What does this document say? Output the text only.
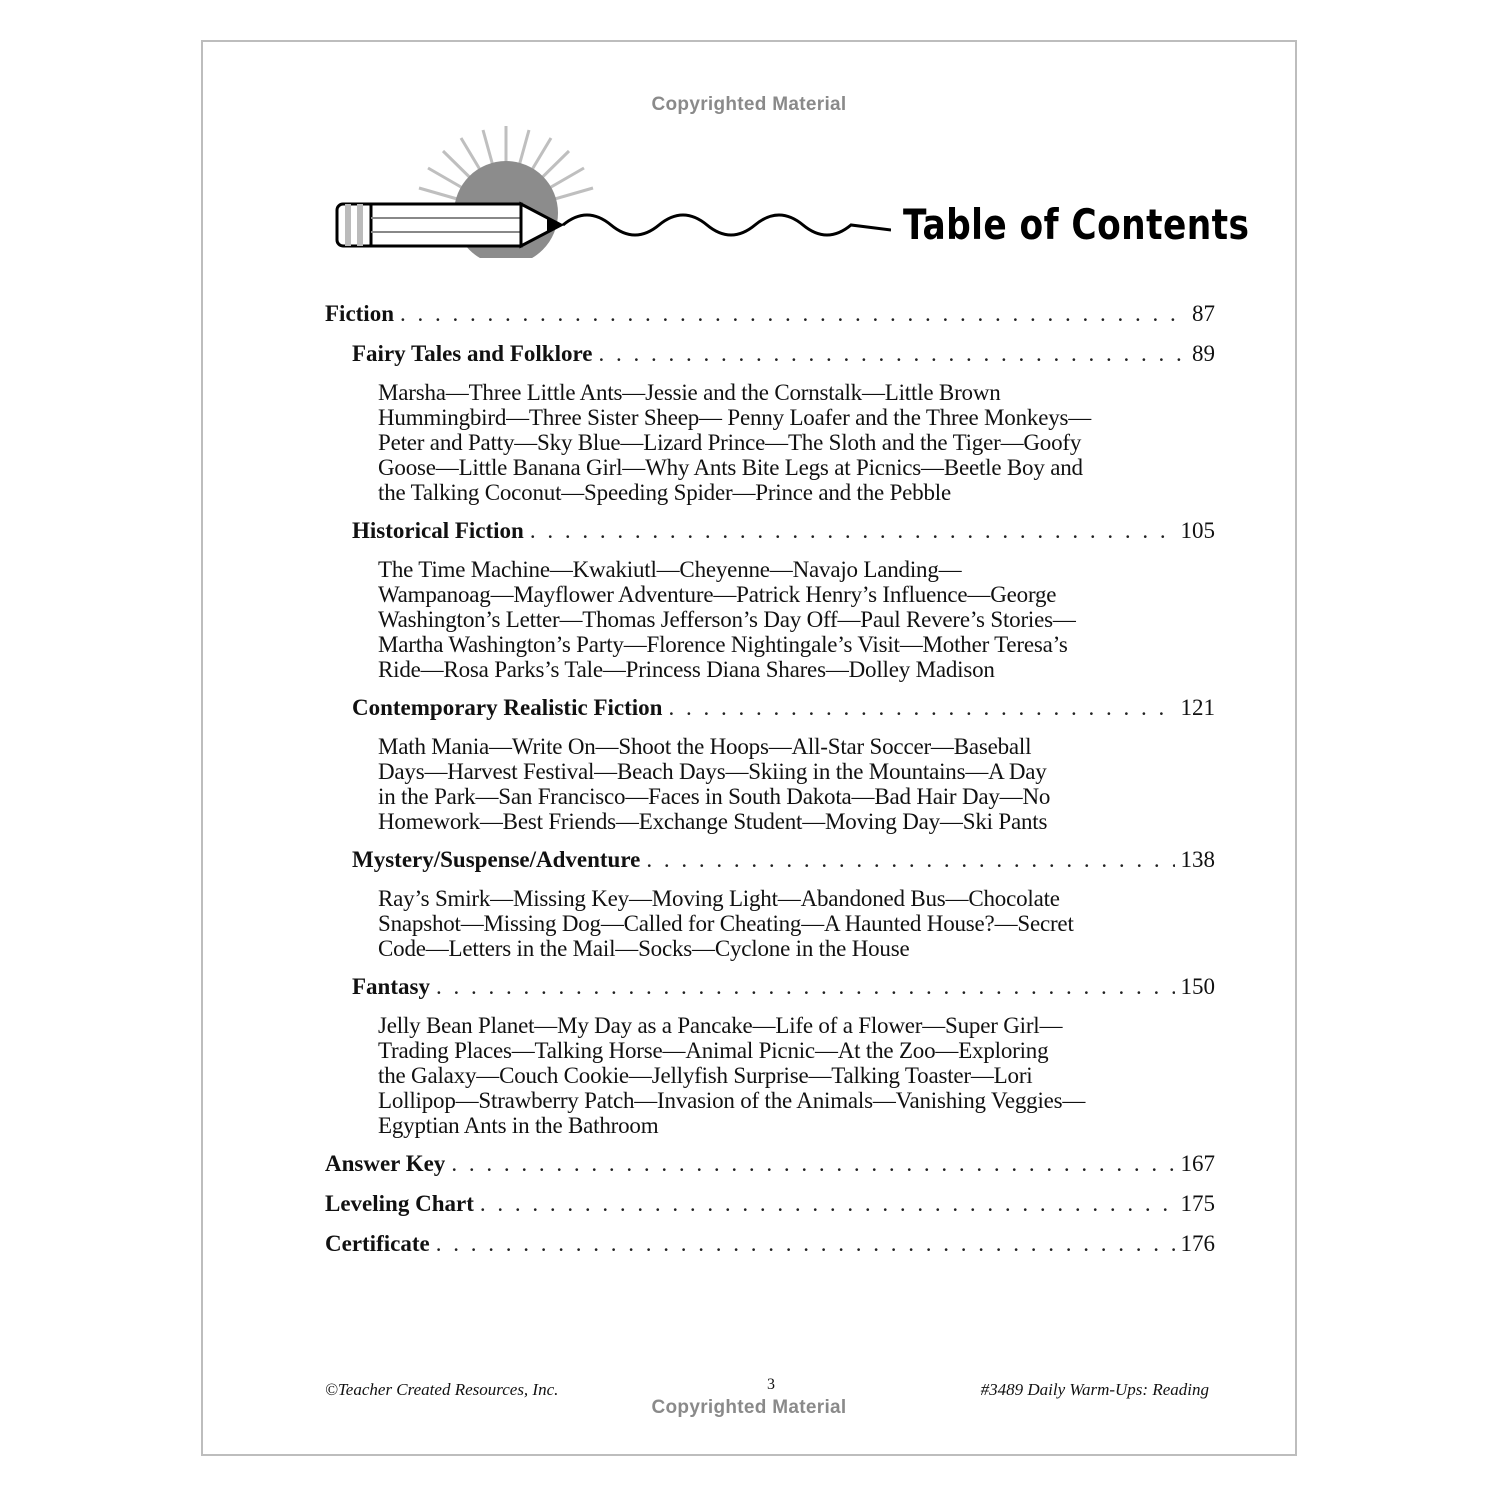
Copyrighted Material
Table of Contents
Fiction . . .	87
Fairy Tales and Folklore . . .	89
Marsha—Three Little Ants—Jessie and the Cornstalk—Little Brown
Hummingbird—Three Sister Sheep— Penny Loafer and the Three Monkeys—
Peter and Patty—Sky Blue—Lizard Prince—The Sloth and the Tiger—Goofy
Goose—Little Banana Girl—Why Ants Bite Legs at Picnics—Beetle Boy and
the Talking Coconut—Speeding Spider—Prince and the Pebble
Historical Fiction . . .	105
The Time Machine—Kwakiutl—Cheyenne—Navajo Landing—
Wampanoag—Mayflower Adventure—Patrick Henry’s Influence—George
Washington’s Letter—Thomas Jefferson’s Day Off—Paul Revere’s Stories—
Martha Washington’s Party—Florence Nightingale’s Visit—Mother Teresa’s
Ride—Rosa Parks’s Tale—Princess Diana Shares—Dolley Madison
Contemporary Realistic Fiction . . .	121
Math Mania—Write On—Shoot the Hoops—All-Star Soccer—Baseball
Days—Harvest Festival—Beach Days—Skiing in the Mountains—A Day
in the Park—San Francisco—Faces in South Dakota—Bad Hair Day—No
Homework—Best Friends—Exchange Student—Moving Day—Ski Pants
Mystery/Suspense/Adventure . . .	138
Ray’s Smirk—Missing Key—Moving Light—Abandoned Bus—Chocolate
Snapshot—Missing Dog—Called for Cheating—A Haunted House?—Secret
Code—Letters in the Mail—Socks—Cyclone in the House
Fantasy . . .	150
Jelly Bean Planet—My Day as a Pancake—Life of a Flower—Super Girl—
Trading Places—Talking Horse—Animal Picnic—At the Zoo—Exploring
the Galaxy—Couch Cookie—Jellyfish Surprise—Talking Toaster—Lori
Lollipop—Strawberry Patch—Invasion of the Animals—Vanishing Veggies—
Egyptian Ants in the Bathroom
Answer Key . . .	167
Leveling Chart . . .	175
Certificate . . .	176
©Teacher Created Resources, Inc.	3	#3489 Daily Warm-Ups: Reading
Copyrighted Material
